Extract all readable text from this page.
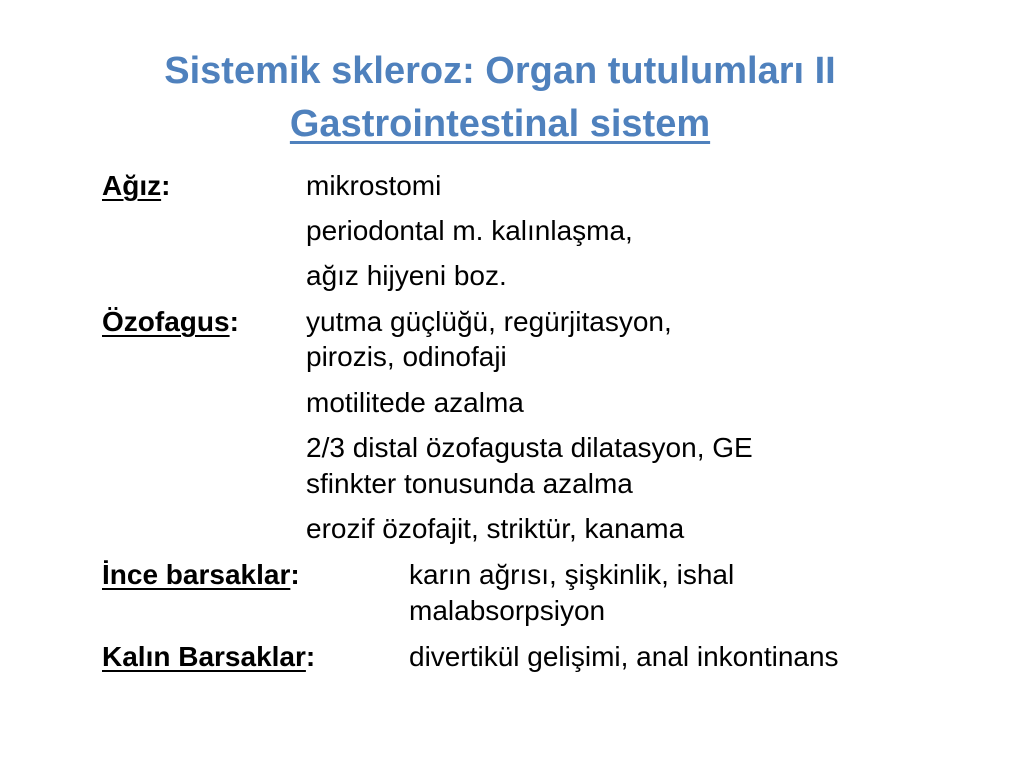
Sistemik skleroz: Organ tutulumları II
Gastrointestinal sistem
Ağız:	mikrostomi
periodontal m. kalınlaşma,
ağız hijyeni boz.
Özofagus: yutma güçlüğü, regürjitasyon,
pirozis, odinofaji
motilitede azalma
2/3 distal özofagusta dilatasyon, GE
sfinkter tonusunda azalma
erozif özofajit, striktür, kanama
İnce barsaklar:	karın ağrısı, şişkinlik, ishal
malabsorpsiyon
Kalın Barsaklar:	divertikül gelişimi, anal inkontinans
